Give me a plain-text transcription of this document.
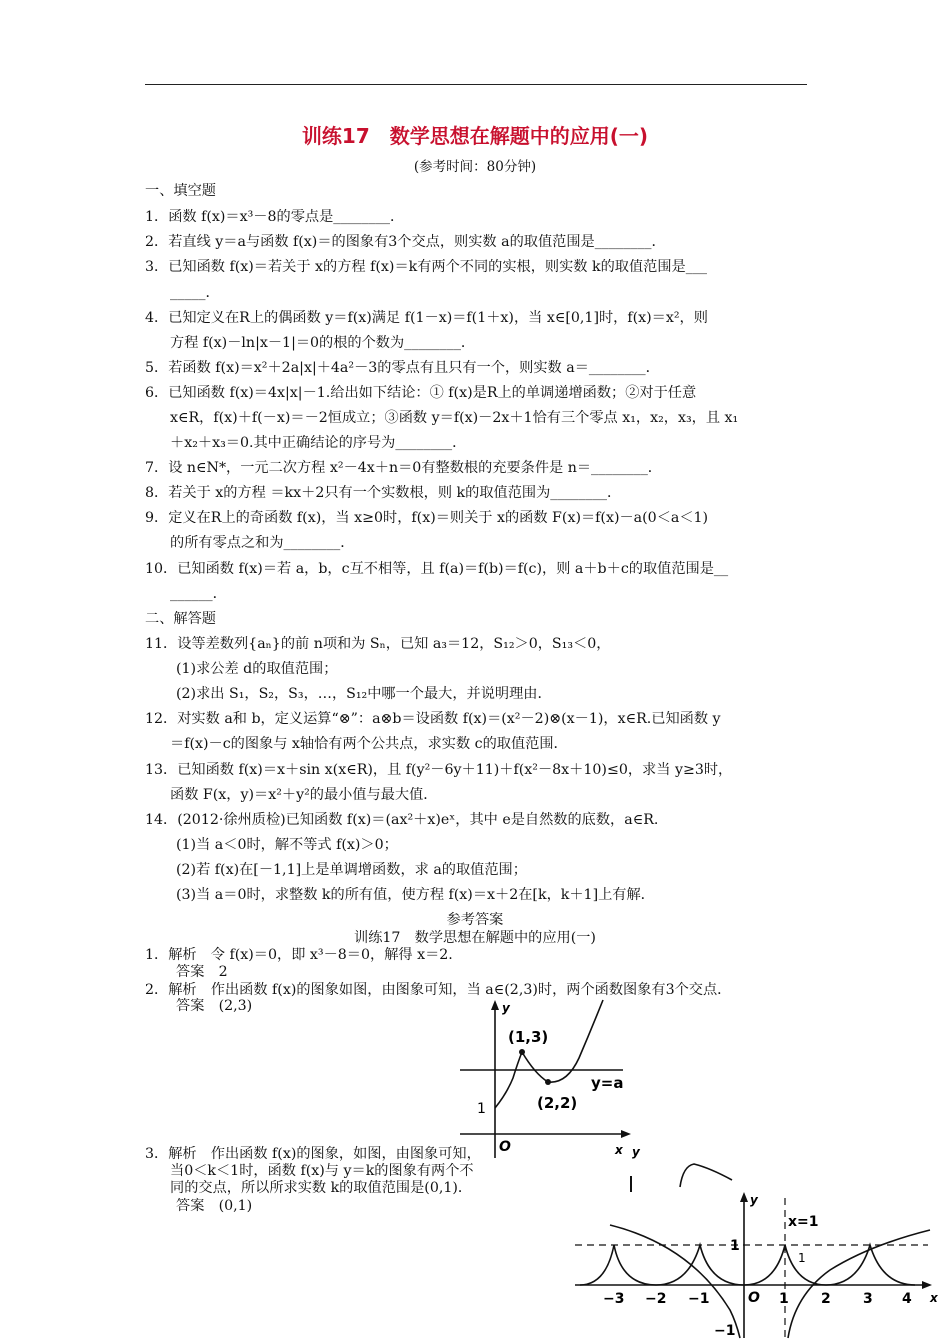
训练17　数学思想在解题中的应用(一)
(参考时间：80分钟)
一、填空题
1．函数 f(x)＝x³－8的零点是________．
2．若直线 y＝a与函数 f(x)＝的图象有3个交点，则实数 a的取值范围是________．
3．已知函数 f(x)＝若关于 x的方程 f(x)＝k有两个不同的实根，则实数 k的取值范围是___
_____．
4．已知定义在R上的偶函数 y＝f(x)满足 f(1－x)＝f(1＋x)，当 x∈[0,1]时，f(x)＝x²，则
方程 f(x)－ln|x－1|＝0的根的个数为________．
5．若函数 f(x)＝x²＋2a|x|＋4a²－3的零点有且只有一个，则实数 a＝________．
6．已知函数 f(x)＝4x|x|－1.给出如下结论：① f(x)是R上的单调递增函数；②对于任意
x∈R，f(x)＋f(－x)＝－2恒成立；③函数 y＝f(x)－2x＋1恰有三个零点 x₁，x₂，x₃，且 x₁
＋x₂＋x₃＝0.其中正确结论的序号为________．
7．设 n∈N*，一元二次方程 x²－4x＋n＝0有整数根的充要条件是 n＝________．
8．若关于 x的方程 ＝kx＋2只有一个实数根，则 k的取值范围为________．
9．定义在R上的奇函数 f(x)，当 x≥0时，f(x)＝则关于 x的函数 F(x)＝f(x)－a(0＜a＜1)
的所有零点之和为________．
10．已知函数 f(x)＝若 a，b，c互不相等，且 f(a)＝f(b)＝f(c)，则 a＋b＋c的取值范围是__
______．
二、解答题
11．设等差数列{aₙ}的前 n项和为 Sₙ，已知 a₃＝12，S₁₂＞0，S₁₃＜0，
(1)求公差 d的取值范围；
(2)求出 S₁，S₂，S₃，…，S₁₂中哪一个最大，并说明理由．
12．对实数 a和 b，定义运算“⊗”：a⊗b＝设函数 f(x)＝(x²－2)⊗(x－1)，x∈R.已知函数 y
＝f(x)－c的图象与 x轴恰有两个公共点，求实数 c的取值范围．
13．已知函数 f(x)＝x＋sin x(x∈R)，且 f(y²－6y＋11)＋f(x²－8x＋10)≤0，求当 y≥3时，
函数 F(x，y)＝x²＋y²的最小值与最大值．
14．(2012·徐州质检)已知函数 f(x)＝(ax²＋x)eˣ，其中 e是自然数的底数，a∈R.
(1)当 a＜0时，解不等式 f(x)＞0；
(2)若 f(x)在[－1,1]上是单调增函数，求 a的取值范围；
(3)当 a＝0时，求整数 k的所有值，使方程 f(x)＝x＋2在[k，k＋1]上有解．
参考答案
训练17　数学思想在解题中的应用(一)
1．解析　令 f(x)＝0，即 x³－8＝0，解得 x＝2.
答案　2
2．解析　作出函数 f(x)的图象如图，由图象可知，当 a∈(2,3)时，两个函数图象有3个交点．
答案　(2,3)
3．解析　作出函数 f(x)的图象，如图，由图象可知，
当0＜k＜1时，函数 f(x)与 y＝k的图象有两个不
同的交点，所以所求实数 k的取值范围是(0,1)．
答案　(0,1)
y
x
O
(1,3)
(2,2)
y=a
1
y
y
x
O
x=1
1
1
−1
−3 −2 −1	1 2 3 4
